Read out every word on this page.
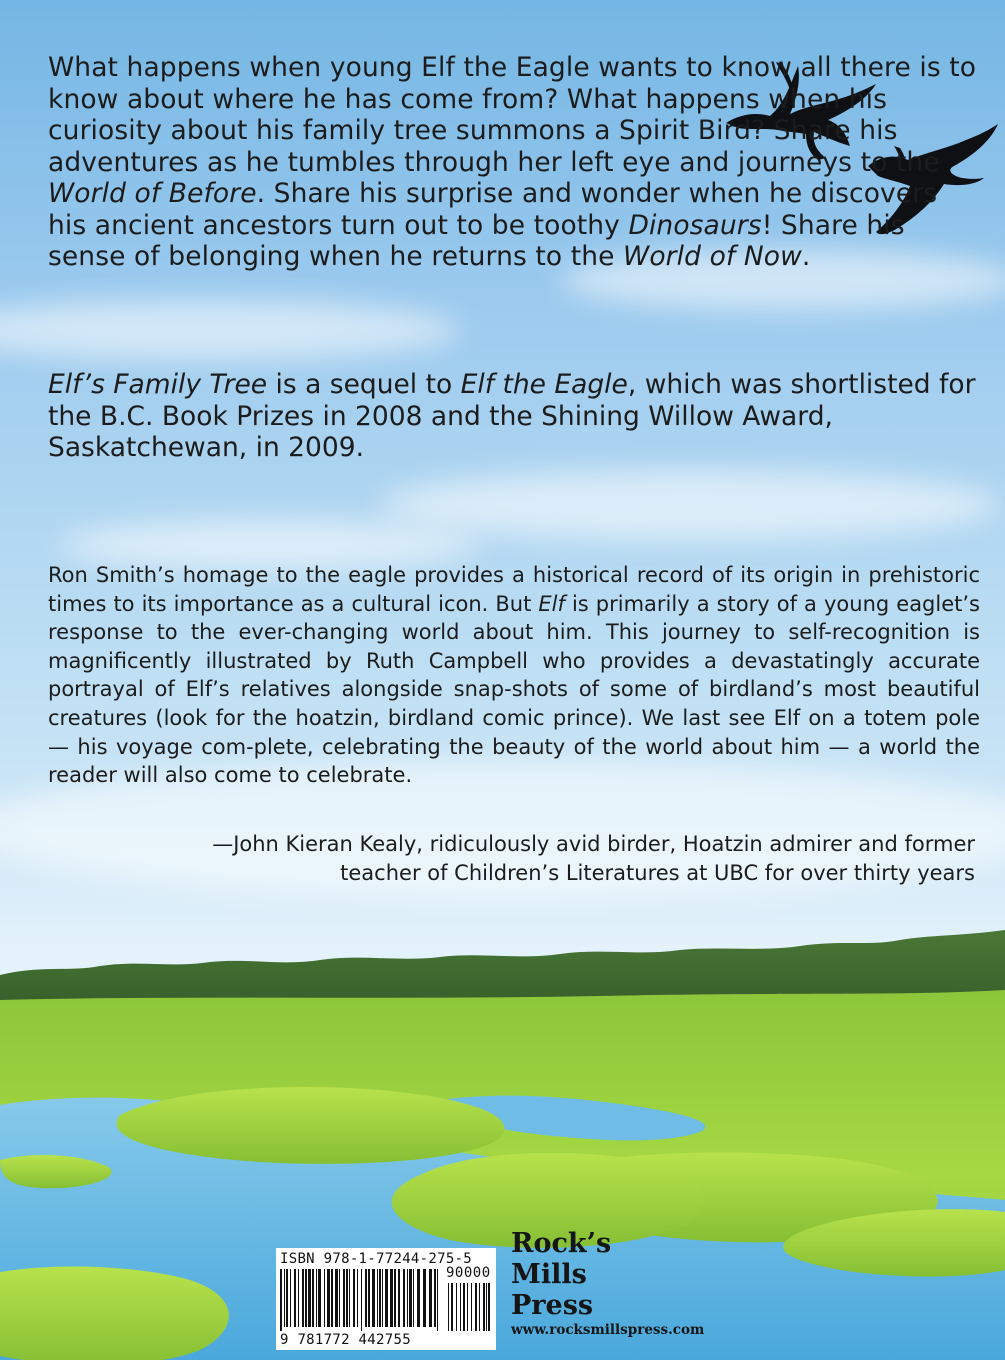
What happens when young Elf the Eagle wants to know all there is to know about where he has come from? What happens when his curiosity about his family tree summons a Spirit Bird? Share his adventures as he tumbles through her left eye and journeys to the World of Before. Share his surprise and wonder when he discovers his ancient ancestors turn out to be toothy Dinosaurs! Share his sense of belonging when he returns to the World of Now.

Elf’s Family Tree is a sequel to Elf the Eagle, which was shortlisted for the B.C. Book Prizes in 2008 and the Shining Willow Award, Saskatchewan, in 2009.

Ron Smith’s homage to the eagle provides a historical record of its origin in prehistoric times to its importance as a cultural icon. But Elf is primarily a story of a young eaglet’s response to the ever-changing world about him. This journey to self-recognition is magnificently illustrated by Ruth Campbell who provides a devastatingly accurate portrayal of Elf’s relatives alongside snap-shots of some of birdland’s most beautiful creatures (look for the hoatzin, birdland comic prince). We last see Elf on a totem pole — his voyage com-plete, celebrating the beauty of the world about him — a world the reader will also come to celebrate.

—John Kieran Kealy, ridiculously avid birder, Hoatzin admirer and former
teacher of Children’s Literatures at UBC for over thirty years

ISBN 978-1-77244-275-5
90000
9 781772 442755

Rock’s
Mills
Press

www.rocksmillspress.com
